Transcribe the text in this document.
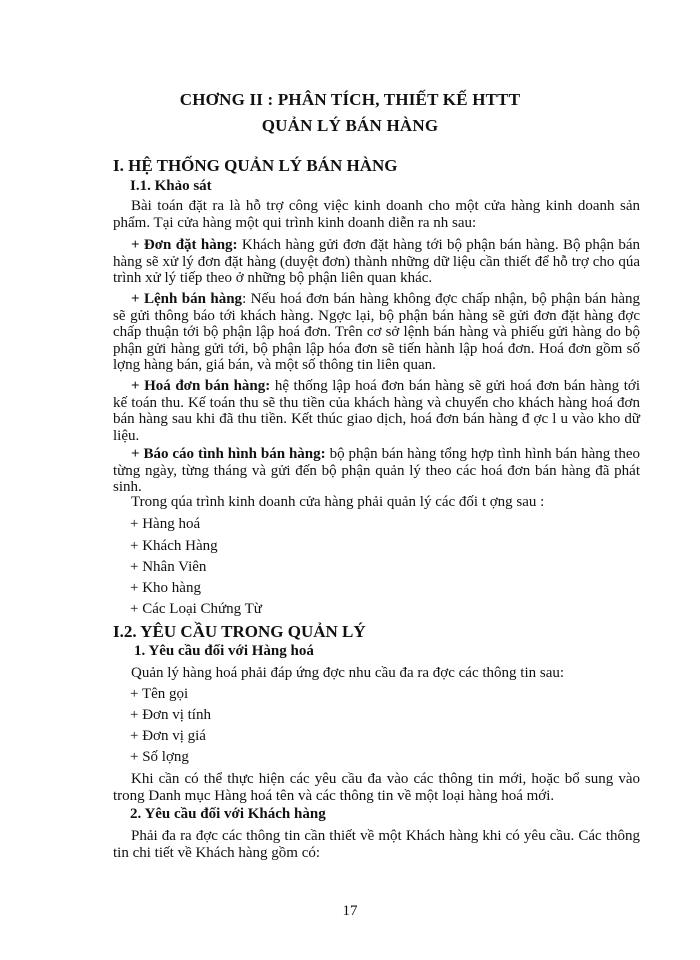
CHƠNG II : PHÂN TÍCH, THIẾT KẾ HTTT
QUẢN LÝ BÁN HÀNG
I. HỆ THỐNG QUẢN LÝ BÁN HÀNG
I.1. Khảo sát
Bài toán đặt ra là hỗ trợ công việc kinh doanh cho một cửa hàng kinh doanh sản phẩm. Tại cửa hàng một qui trình kinh doanh diễn ra nh sau:
+ Đơn đặt hàng: Khách hàng gửi đơn đặt hàng tới bộ phận bán hàng. Bộ phận bán hàng sẽ xử lý đơn đặt hàng (duyệt đơn) thành những dữ liệu cần thiết để hỗ trợ cho qúa trình xử lý tiếp theo ở những bộ phận liên quan khác.
+ Lệnh bán hàng: Nếu hoá đơn bán hàng không đợc chấp nhận, bộ phận bán hàng sẽ gửi thông báo tới khách hàng. Ngợc lại, bộ phận bán hàng sẽ gửi đơn đặt hàng đợc chấp thuận tới bộ phận lập hoá đơn. Trên cơ sở lệnh bán hàng và phiếu gửi hàng do bộ phận gửi hàng gửi tới, bộ phận lập hóa đơn sẽ tiến hành lập hoá đơn. Hoá đơn gồm số lợng hàng bán, giá bán, và một số thông tin liên quan.
+ Hoá đơn bán hàng: hệ thống lập hoá đơn bán hàng sẽ gửi hoá đơn bán hàng tới kế toán thu. Kế toán thu sẽ thu tiền của khách hàng và chuyển cho khách hàng hoá đơn bán hàng sau khi đã thu tiền. Kết thúc giao dịch, hoá đơn bán hàng đ ợc l u vào kho dữ liệu.
+ Báo cáo tình hình bán hàng: bộ phận bán hàng tổng hợp tình hình bán hàng theo từng ngày, từng tháng và gửi đến bộ phận quản lý theo các hoá đơn bán hàng đã phát sinh.
Trong qúa trình kinh doanh cửa hàng phải quản lý các đối t ợng sau :
+ Hàng hoá
+ Khách Hàng
+ Nhân Viên
+ Kho hàng
+ Các Loại Chứng Từ
I.2. YÊU CẦU TRONG QUẢN LÝ
1. Yêu cầu đối với Hàng hoá
Quản lý hàng hoá phải đáp ứng đợc nhu cầu đa ra đợc các thông tin sau:
+ Tên gọi
+ Đơn vị tính
+ Đơn vị giá
+ Số lợng
Khi cần có thể thực hiện các yêu cầu đa vào các thông tin mới, hoặc bổ sung vào trong Danh mục Hàng hoá tên và các thông tin về một loại hàng hoá mới.
2. Yêu cầu đối với Khách hàng
Phải đa ra đợc các thông tin cần thiết về một Khách hàng khi có yêu cầu. Các thông tin chi tiết về Khách hàng gồm có:
17
